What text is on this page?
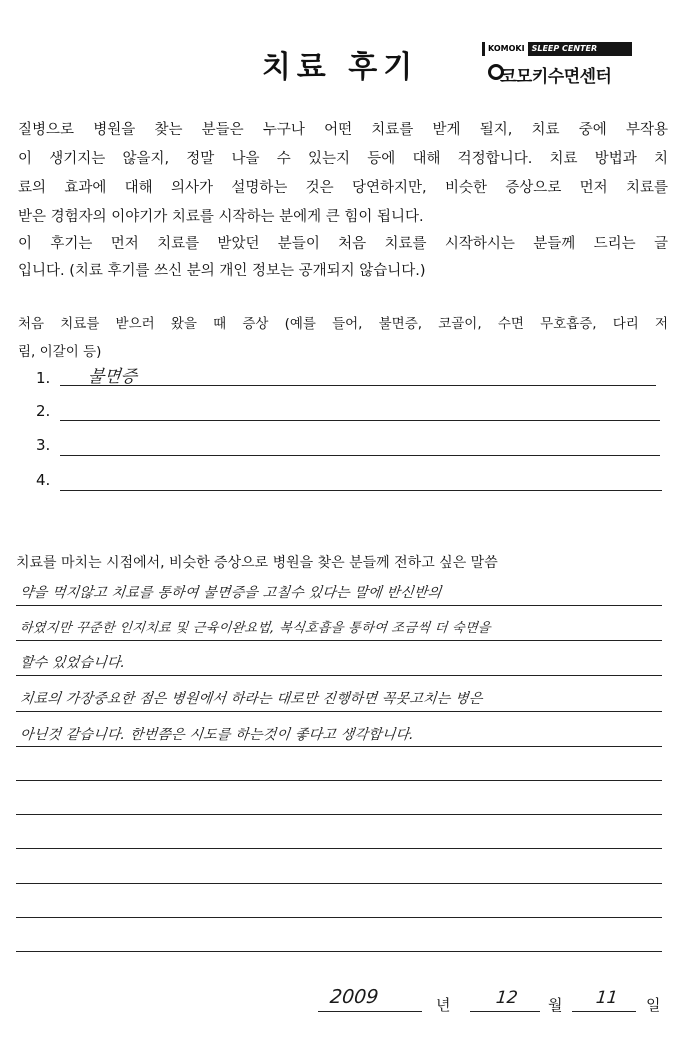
치료 후기
KOMOKI SLEEP CENTER
코모키수면센터
질병으로 병원을 찾는 분들은 누구나 어떤 치료를 받게 될지, 치료 중에 부작용
이 생기지는 않을지, 정말 나을 수 있는지 등에 대해 걱정합니다. 치료 방법과 치
료의 효과에 대해 의사가 설명하는 것은 당연하지만, 비슷한 증상으로 먼저 치료를
받은 경험자의 이야기가 치료를 시작하는 분에게 큰 힘이 됩니다.
이 후기는 먼저 치료를 받았던 분들이 처음 치료를 시작하시는 분들께 드리는 글
입니다. (치료 후기를 쓰신 분의 개인 정보는 공개되지 않습니다.)
처음 치료를 받으러 왔을 때 증상 (예를 들어, 불면증, 코골이, 수면 무호흡증, 다리 저
림, 이갈이 등)
1. 불면증
2.
3.
4.
치료를 마치는 시점에서, 비슷한 증상으로 병원을 찾은 분들께 전하고 싶은 말씀
약을 먹지않고 치료를 통하여 불면증을 고칠수 있다는 말에 반신반의
하였지만 꾸준한 인지치료 및 근육이완요법, 복식호흡을 통하여 조금씩 더 숙면을
할수 있었습니다.
치료의 가장중요한 점은 병원에서 하라는 대로만 진행하면 꼭못고치는 병은
아닌것 같습니다. 한번쯤은 시도를 하는것이 좋다고 생각합니다.
2009	년	12 월 11 일
